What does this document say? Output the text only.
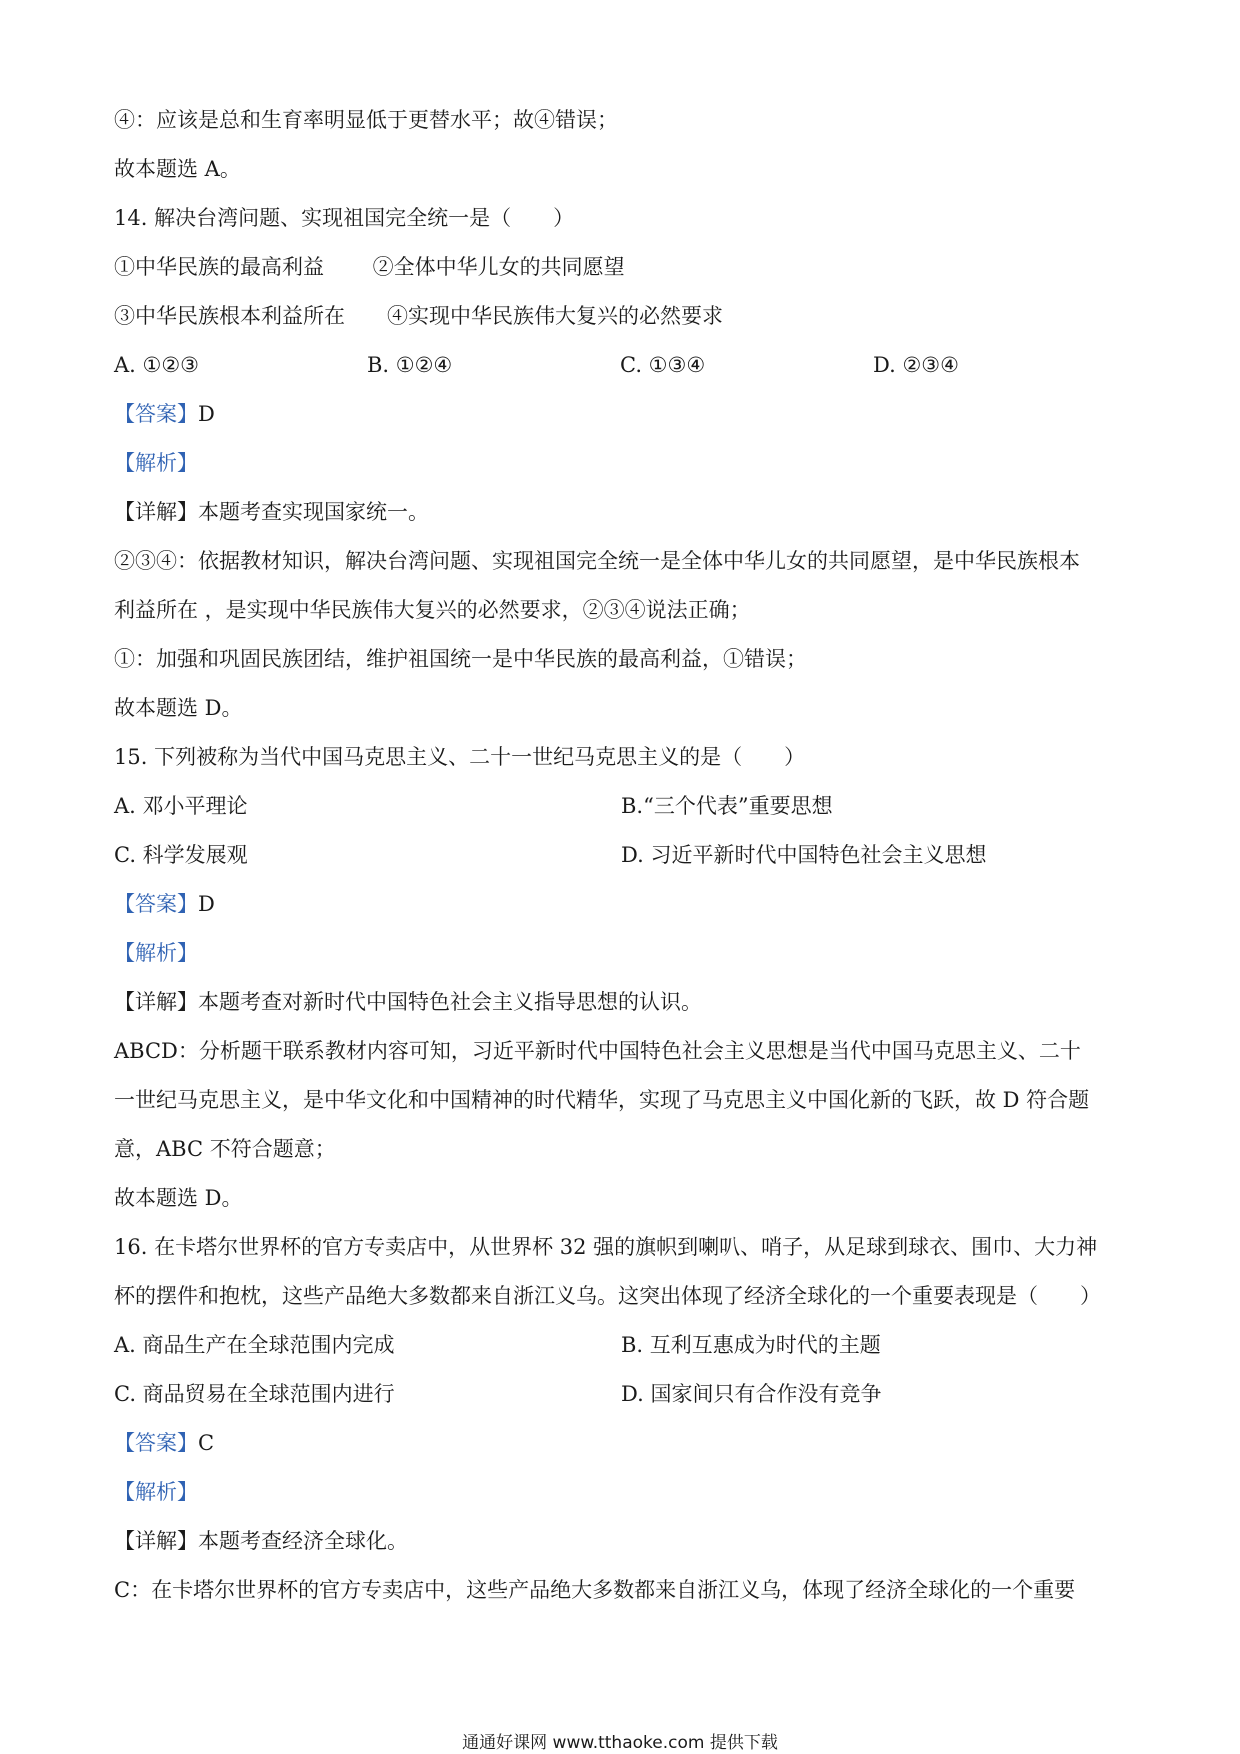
④：应该是总和生育率明显低于更替水平；故④错误；
故本题选 A。
14. 解决台湾问题、实现祖国完全统一是（　　）
①中华民族的最高利益　　 ②全体中华儿女的共同愿望
③中华民族根本利益所在　　④实现中华民族伟大复兴的必然要求
A. ①②③	B. ①②④	C. ①③④	D. ②③④
【答案】D
【解析】
【详解】本题考查实现国家统一。
②③④：依据教材知识，解决台湾问题、实现祖国完全统一是全体中华儿女的共同愿望，是中华民族根本
利益所在 ，是实现中华民族伟大复兴的必然要求，②③④说法正确；
①：加强和巩固民族团结，维护祖国统一是中华民族的最高利益，①错误；
故本题选 D。
15. 下列被称为当代中国马克思主义、二十一世纪马克思主义的是（　　）
A. 邓小平理论	B.“三个代表”重要思想
C. 科学发展观	D. 习近平新时代中国特色社会主义思想
【答案】D
【解析】
【详解】本题考查对新时代中国特色社会主义指导思想的认识。
ABCD：分析题干联系教材内容可知，习近平新时代中国特色社会主义思想是当代中国马克思主义、二十
一世纪马克思主义，是中华文化和中国精神的时代精华，实现了马克思主义中国化新的飞跃，故 D 符合题
意，ABC 不符合题意；
故本题选 D。
16. 在卡塔尔世界杯的官方专卖店中，从世界杯 32 强的旗帜到喇叭、哨子，从足球到球衣、围巾、大力神
杯的摆件和抱枕，这些产品绝大多数都来自浙江义乌。这突出体现了经济全球化的一个重要表现是（　　）
A. 商品生产在全球范围内完成	B. 互利互惠成为时代的主题
C. 商品贸易在全球范围内进行	D. 国家间只有合作没有竞争
【答案】C
【解析】
【详解】本题考查经济全球化。
C：在卡塔尔世界杯的官方专卖店中，这些产品绝大多数都来自浙江义乌，体现了经济全球化的一个重要
通通好课网 www.tthaoke.com 提供下载
